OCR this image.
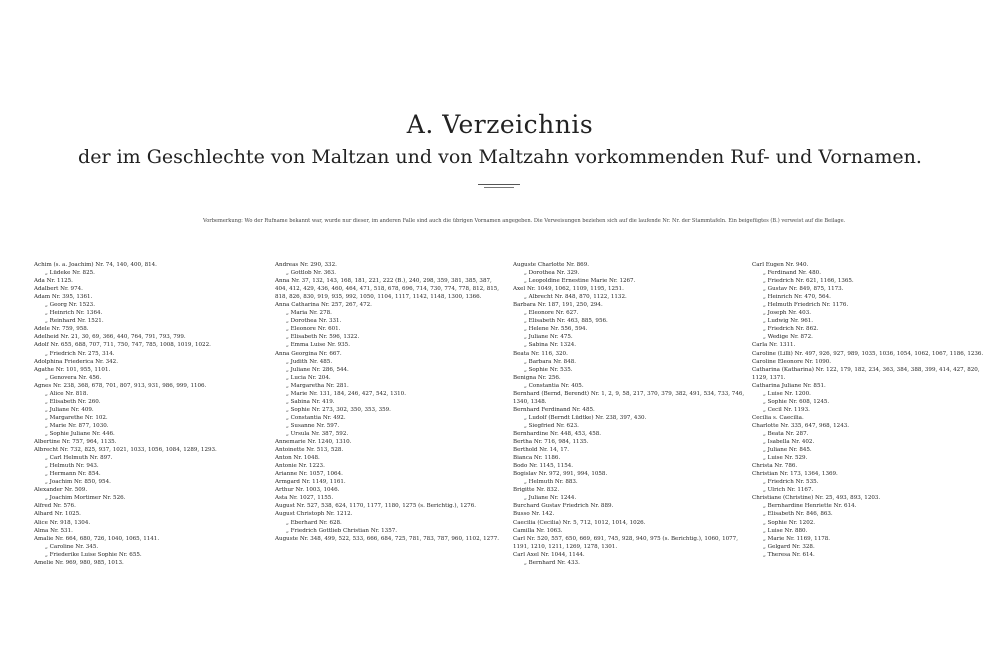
A. Verzeichnis
der im Geschlechte von Maltzan und von Maltzahn vorkommenden Ruf- und Vornamen.
Vorbemerkung: Wo der Rufname bekannt war, wurde nur dieser, im anderen Falle sind auch die übrigen Vornamen angegeben. Die Verweisungen beziehen sich auf die laufende Nr. Nr. der Stammtafeln. Ein beigefügtes (B.) verweist auf die Beilage.
Achim (s. a. Joachim) Nr. 74, 140, 400, 814.
„ Lüdeke Nr. 825.
Ada Nr. 1125.
Adalbert Nr. 974.
Adam Nr. 395, 1361.
„ Georg Nr. 1523.
„ Heinrich Nr. 1364.
„ Reinhard Nr. 1521.
Adele Nr. 759, 958.
Adelheid Nr. 21, 30, 69, 366, 440, 764, 791, 793, 799.
Adolf Nr. 655, 688, 707, 711, 750, 747, 785, 1008, 1019, 1022.
„ Friedrich Nr. 275, 314.
Adolphina Friederica Nr. 342.
Agathe Nr. 101, 955, 1101.
„ Genovera Nr. 456.
Agnes Nr. 238, 368, 678, 701, 807, 913, 931, 986, 999, 1106.
„ Alice Nr. 818.
„ Elisabeth Nr. 260.
„ Juliane Nr. 409.
„ Margarethe Nr. 102.
„ Marie Nr. 877, 1030.
„ Sophie Juliane Nr. 446.
Albertine Nr. 757, 964, 1135.
Albrecht Nr. 732, 825, 937, 1021, 1033, 1056, 1084, 1289, 1293.
„ Carl Helmuth Nr. 897.
„ Helmuth Nr. 943.
„ Hermann Nr. 854.
„ Joachim Nr. 850, 954.
Alexander Nr. 509.
„ Joachim Mortimer Nr. 526.
Alfred Nr. 576.
Alhard Nr. 1025.
Alice Nr. 918, 1304.
Alma Nr. 531.
Amalie Nr. 664, 680, 726, 1040, 1065, 1141.
„ Caroline Nr. 345.
„ Friederike Luise Sophie Nr. 655.
Amelie Nr. 969, 980, 985, 1013.
Andreas Nr. 290, 332.
„ Gottlob Nr. 363.
Anna Nr. 37, 132, 143, 168, 181, 221, 222 (B.), 240, 298, 359, 381, 385, 387, 404, 412, 429, 436, 460, 464, 471, 518, 678, 696, 714, 730, 774, 778, 812, 815, 818, 826, 830, 919, 935, 992, 1050, 1104, 1117, 1142, 1148, 1300, 1366.
Anna Catharina Nr. 257, 267, 472.
„ Maria Nr. 278.
„ Dorothea Nr. 331.
„ Eleonore Nr. 601.
„ Elisabeth Nr. 596, 1322.
„ Emma Luise Nr. 935.
Anna Georgina Nr. 667.
„ Judith Nr. 485.
„ Juliane Nr. 286, 544.
„ Lucia Nr. 204.
„ Margaretha Nr. 281.
„ Marie Nr. 131, 184, 246, 427, 542, 1310.
„ Sabina Nr. 419.
„ Sophie Nr. 273, 302, 350, 353, 359.
„ Constantia Nr. 492.
„ Susanne Nr. 597.
„ Ursula Nr. 387, 592.
Annemarie Nr. 1240, 1310.
Antoinette Nr. 513, 528.
Anton Nr. 1048.
Antonie Nr. 1223.
Arianne Nr. 1057, 1064.
Armgard Nr. 1149, 1161.
Arthur Nr. 1003, 1046.
Asta Nr. 1027, 1155.
August Nr. 527, 538, 624, 1170, 1177, 1180, 1275 (s. Berichtig.), 1276.
August Christoph Nr. 1212.
„ Eberhard Nr. 628.
„ Friedrich Gottlieb Christian Nr. 1357.
Auguste Nr. 348, 499, 522, 533, 666, 684, 725, 781, 783, 787, 960, 1102, 1277.
Auguste Charlotte Nr. 869.
„ Dorothea Nr. 329.
„ Leopoldine Ernestine Marie Nr. 1267.
Axel Nr. 1049, 1062, 1109, 1195, 1251.
„ Albrecht Nr. 848, 870, 1122, 1132.
Barbara Nr. 187, 191, 250, 294.
„ Eleonore Nr. 627.
„ Elisabeth Nr. 463, 885, 956.
„ Helene Nr. 556, 594.
„ Juliane Nr. 475.
„ Sabina Nr. 1324.
Beata Nr. 116, 320.
„ Barbara Nr. 848.
„ Sophie Nr. 535.
Benigna Nr. 256.
„ Constantia Nr. 405.
Bernhard (Bernd, Berendt) Nr. 1, 2, 9, 58, 217, 370, 379, 382, 491, 534, 733, 746, 1340, 1348.
Bernhard Ferdinand Nr. 485.
„ Ludolf (Berndt Lüdtke) Nr. 238, 397, 430.
„ Siegfried Nr. 623.
Bernhardine Nr. 448, 453, 458.
Bertha Nr. 716, 984, 1135.
Berthold Nr. 14, 17.
Bianca Nr. 1186.
Bodo Nr. 1145, 1154.
Bogislav Nr. 972, 991, 994, 1058.
„ Helmuth Nr. 883.
Brigitte Nr. 832.
„ Juliane Nr. 1244.
Burchard Gustav Friedrich Nr. 889.
Busso Nr. 142.
Caecilia (Cecilia) Nr. 5, 712, 1012, 1014, 1026.
Camilla Nr. 1063.
Carl Nr. 520, 557, 650, 669, 691, 745, 928, 940, 975 (s. Berichtig.), 1060, 1077, 1191, 1210, 1211, 1269, 1278, 1301.
Carl Axel Nr. 1044, 1144.
„ Bernhard Nr. 433.
Carl Eugen Nr. 940.
„ Ferdinand Nr. 480.
„ Friedrich Nr. 621, 1166, 1365.
„ Gustav Nr. 849, 875, 1173.
„ Heinrich Nr. 470, 564.
„ Helmuth Friedrich Nr. 1176.
„ Joseph Nr. 403.
„ Ludwig Nr. 961.
„ Friedrich Nr. 862.
„ Wedige Nr. 872.
Carla Nr. 1311.
Caroline (Lilli) Nr. 497, 926, 927, 989, 1035, 1036, 1054, 1062, 1067, 1186, 1236.
Caroline Eleonore Nr. 1090.
Catharina (Katharina) Nr. 122, 179, 182, 234, 363, 384, 388, 399, 414, 427, 820, 1129, 1371.
Catharina Juliane Nr. 851.
„ Luise Nr. 1200.
„ Sophie Nr. 608, 1245.
„ Cecil Nr. 1193.
Cecilia s. Caecilia.
Charlotte Nr. 335, 647, 968, 1243.
„ Beata Nr. 287.
„ Isabella Nr. 402.
„ Juliane Nr. 845.
„ Luise Nr. 529.
Christa Nr. 786.
Christian Nr. 173, 1364, 1369.
„ Friedrich Nr. 535.
„ Ulrich Nr. 1167.
Christiane (Christine) Nr. 25, 493, 893, 1203.
„ Bernhardine Henriette Nr. 614.
„ Elisabeth Nr. 846, 863.
„ Sophie Nr. 1202.
„ Luise Nr. 880.
„ Marie Nr. 1169, 1178.
„ Gelgard Nr. 328.
„ Theresa Nr. 614.
